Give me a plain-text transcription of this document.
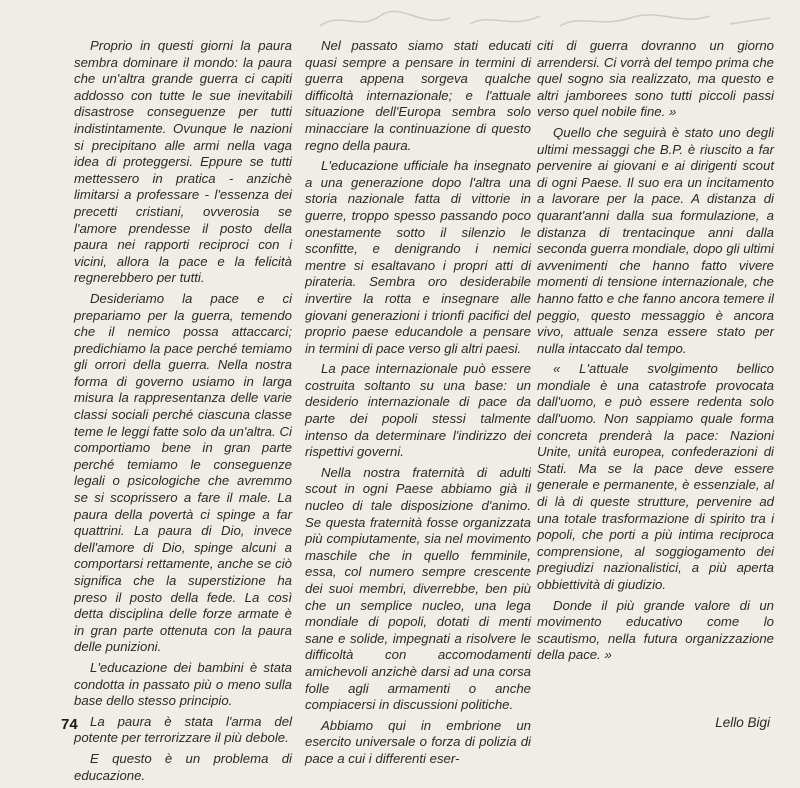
Proprio in questi giorni la paura sembra dominare il mondo: la paura che un'altra grande guerra ci capiti addosso con tutte le sue inevitabili disastrose conseguenze per tutti indistintamente. Ovunque le nazioni si precipitano alle armi nella vaga idea di proteggersi. Eppure se tutti mettessero in pratica - anzichè limitarsi a professare - l'essenza dei precetti cristiani, ovverosia se l'amore prendesse il posto della paura nei rapporti reciproci con i vicini, allora la pace e la felicità regnerebbero per tutti.

Desideriamo la pace e ci prepariamo per la guerra, temendo che il nemico possa attaccarci; predichiamo la pace perché temiamo gli orrori della guerra. Nella nostra forma di governo usiamo in larga misura la rappresentanza delle varie classi sociali perché ciascuna classe teme le leggi fatte solo da un'altra. Ci comportiamo bene in gran parte perché temiamo le conseguenze legali o psicologiche che avremmo se si scoprissero a fare il male. La paura della povertà ci spinge a far quattrini. La paura di Dio, invece dell'amore di Dio, spinge alcuni a comportarsi rettamente, anche se ciò significa che la superstizione ha preso il posto della fede. La così detta disciplina delle forze armate è in gran parte ottenuta con la paura delle punizioni.

L'educazione dei bambini è stata condotta in passato più o meno sulla base dello stesso principio.

La paura è stata l'arma del potente per terrorizzare il più debole.

E questo è un problema di educazione.

Nel passato siamo stati educati quasi sempre a pensare in termini di guerra appena sorgeva qualche difficoltà internazionale; e l'attuale situazione dell'Europa sembra solo minacciare la continuazione di questo regno della paura.

L'educazione ufficiale ha insegnato a una generazione dopo l'altra una storia nazionale fatta di vittorie in guerre, troppo spesso passando poco onestamente sotto il silenzio le sconfitte, e denigrando i nemici mentre si esaltavano i propri atti di pirateria. Sembra oro desiderabile invertire la rotta e insegnare alle giovani generazioni i trionfi pacifici del proprio paese educandole a pensare in termini di pace verso gli altri paesi.

La pace internazionale può essere costruita soltanto su una base: un desiderio internazionale di pace da parte dei popoli stessi talmente intenso da determinare l'indirizzo dei rispettivi governi.

Nella nostra fraternità di adulti scout in ogni Paese abbiamo già il nucleo di tale disposizione d'animo. Se questa fraternità fosse organizzata più compiutamente, sia nel movimento maschile che in quello femminile, essa, col numero sempre crescente dei suoi membri, diverrebbe, ben più che un semplice nucleo, una lega mondiale di popoli, dotati di menti sane e solide, impegnati a risolvere le difficoltà con accomodamenti amichevoli anzichè darsi ad una corsa folle agli armamenti o anche compiacersi in discussioni politiche.

Abbiamo qui in embrione un esercito universale o forza di polizia di pace a cui i differenti eser-

citi di guerra dovranno un giorno arrendersi. Ci vorrà del tempo prima che quel sogno sia realizzato, ma questo e altri jamborees sono tutti piccoli passi verso quel nobile fine. »

Quello che seguirà è stato uno degli ultimi messaggi che B.P. è riuscito a far pervenire ai giovani e ai dirigenti scout di ogni Paese. Il suo era un incitamento a lavorare per la pace. A distanza di quarant'anni dalla sua formulazione, a distanza di trentacinque anni dalla seconda guerra mondiale, dopo gli ultimi avvenimenti che hanno fatto vivere momenti di tensione internazionale, che hanno fatto e che fanno ancora temere il peggio, questo messaggio è ancora vivo, attuale senza essere stato per nulla intaccato dal tempo.

« L'attuale svolgimento bellico mondiale è una catastrofe provocata dall'uomo, e può essere redenta solo dall'uomo. Non sappiamo quale forma concreta prenderà la pace: Nazioni Unite, unità europea, confederazioni di Stati. Ma se la pace deve essere generale e permanente, è essenziale, al di là di queste strutture, pervenire ad una totale trasformazione di spirito tra i popoli, che porti a più intima reciproca comprensione, al soggiogamento dei pregiudizi nazionalistici, a più aperta obbiettività di giudizio.

Donde il più grande valore di un movimento educativo come lo scautismo, nella futura organizzazione della pace. »

74	Lello Bigi
